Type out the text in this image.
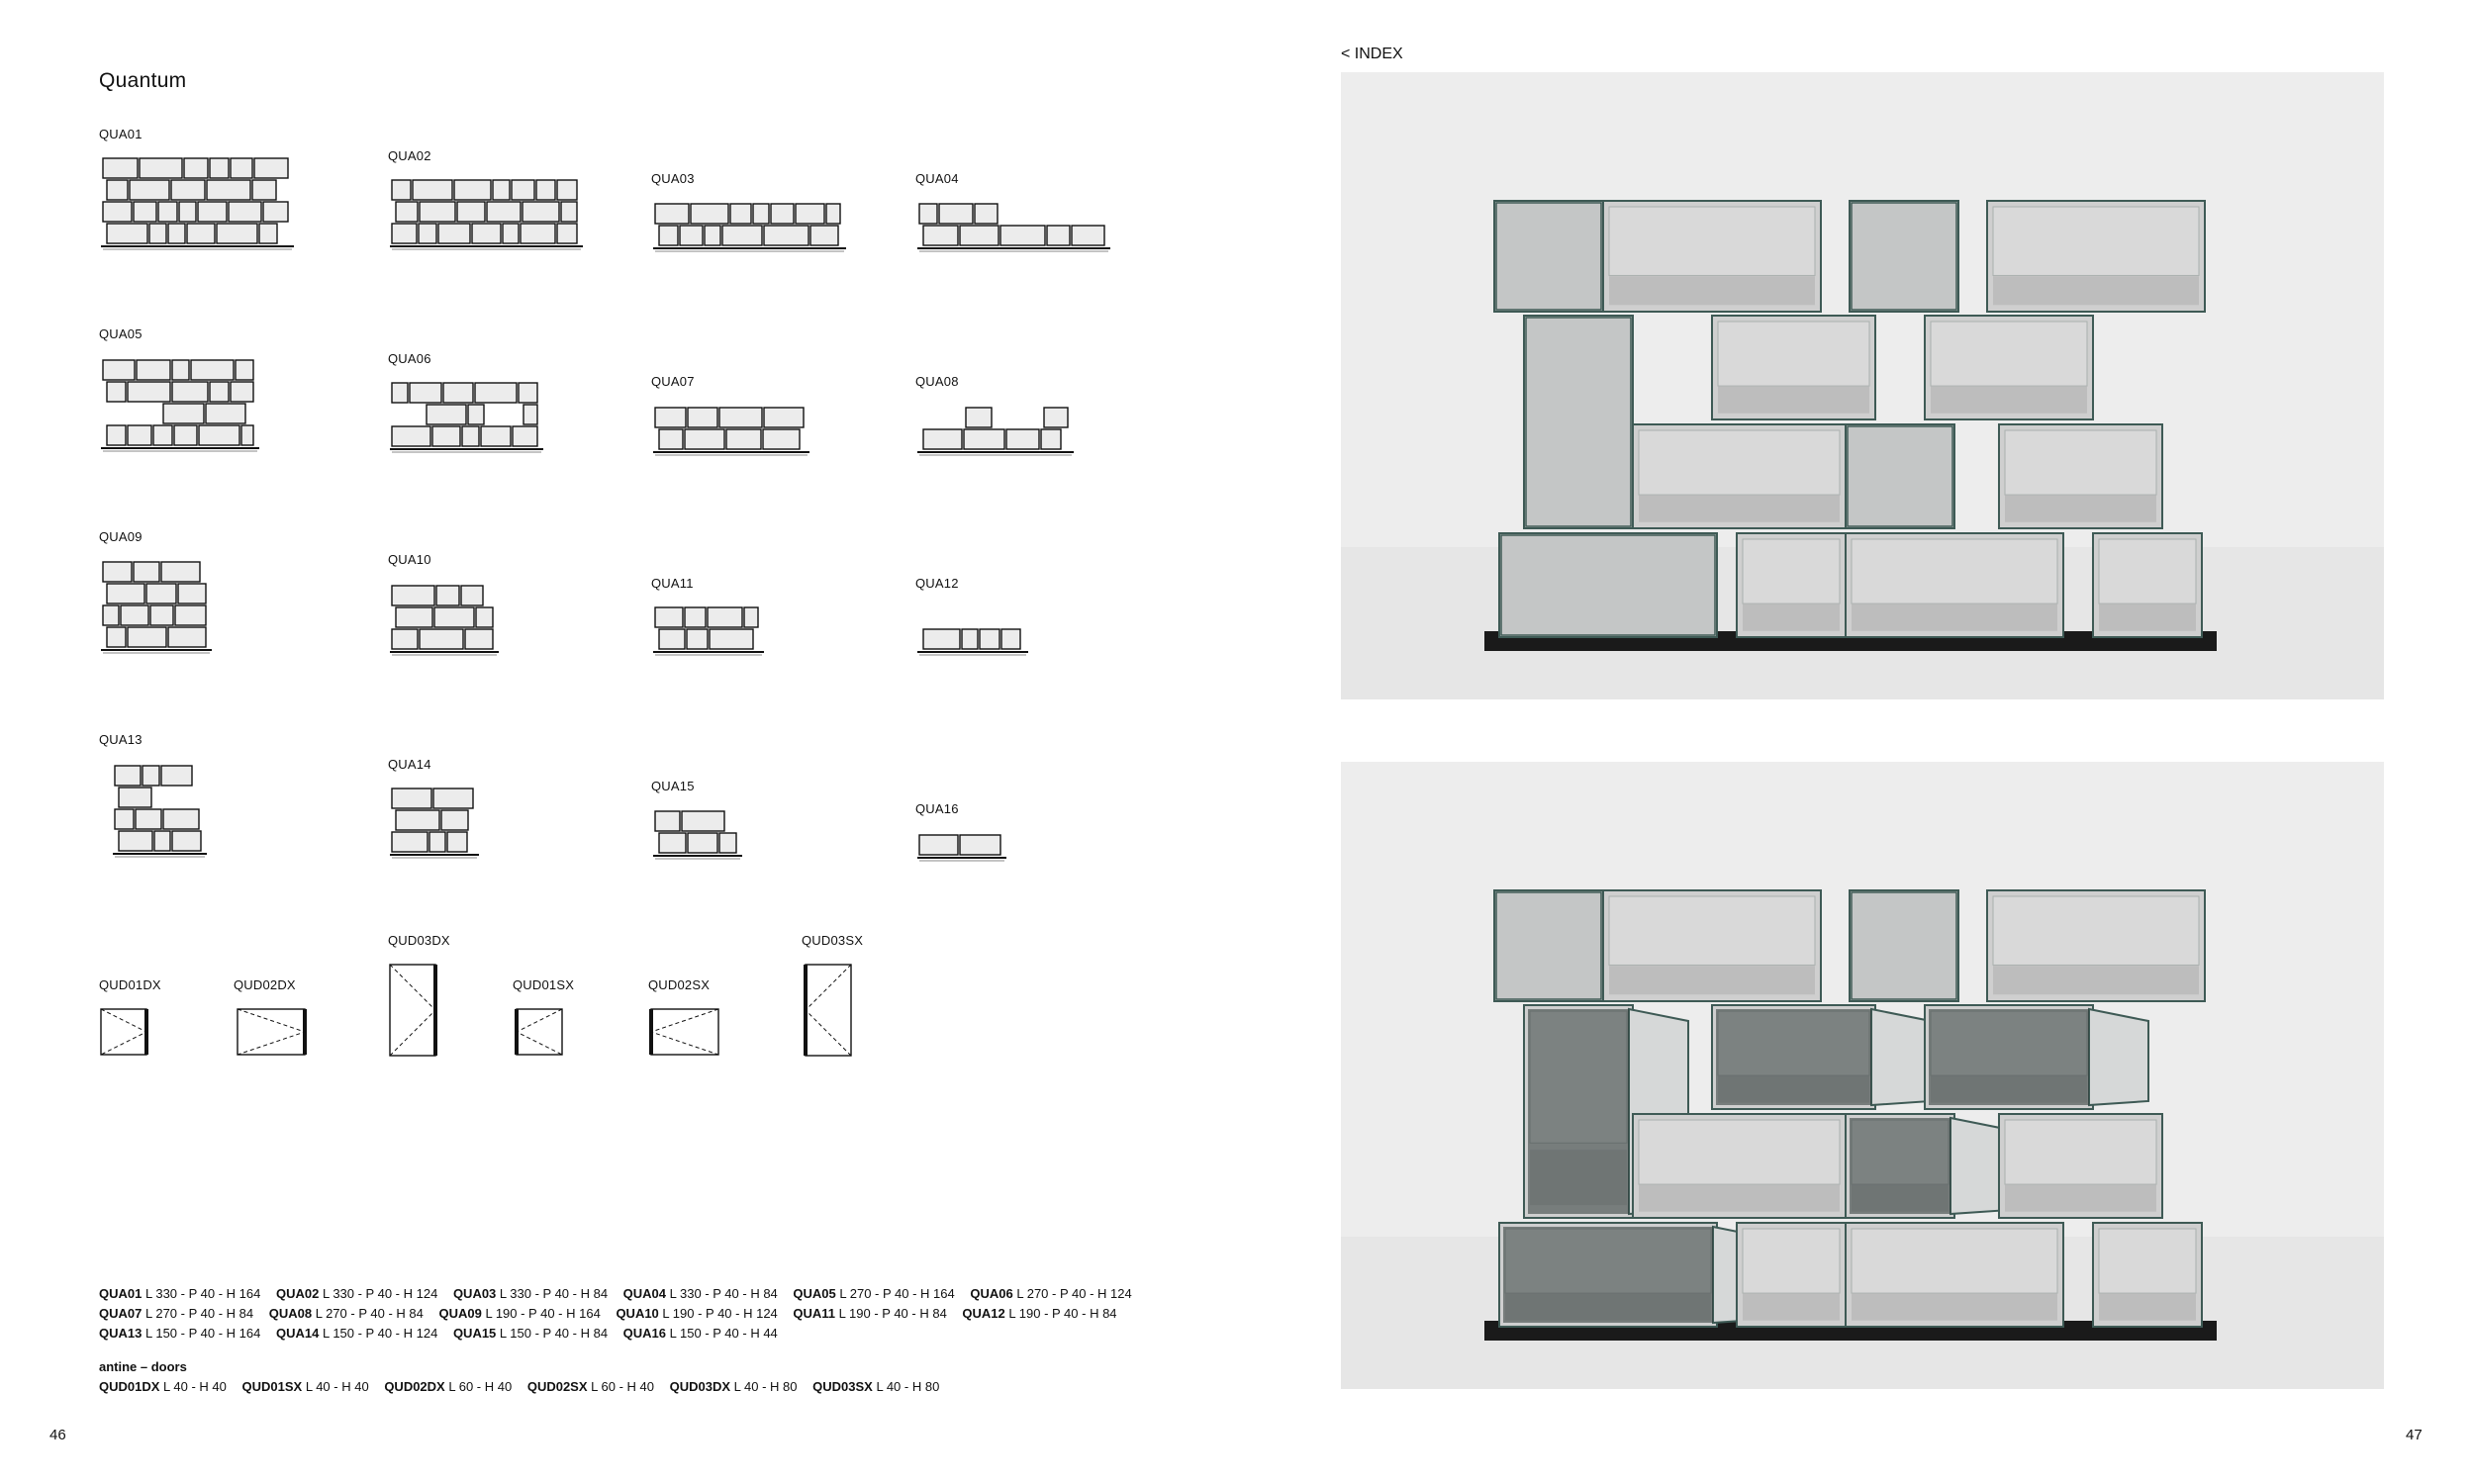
Quantum
< INDEX
46	47
QUA01
QUA02
QUA03	QUA04
QUA05
QUA06
QUA07	QUA08
QUA09
QUA10
QUA11	QUA12
QUA13
QUA14
QUA15
QUA16
QUD01DX	QUD02DX
QUD03DX
QUD01SX	QUD02SX
QUD03SX
QUA01 L 330 - P 40 - H 164 QUA02 L 330 - P 40 - H 124 QUA03 L 330 - P 40 - H 84 QUA04 L 330 - P 40 - H 84 QUA05 L 270 - P 40 - H 164 QUA06 L 270 - P 40 - H 124
QUA07 L 270 - P 40 - H 84 QUA08 L 270 - P 40 - H 84 QUA09 L 190 - P 40 - H 164 QUA10 L 190 - P 40 - H 124 QUA11 L 190 - P 40 - H 84 QUA12 L 190 - P 40 - H 84
QUA13 L 150 - P 40 - H 164 QUA14 L 150 - P 40 - H 124 QUA15 L 150 - P 40 - H 84 QUA16 L 150 - P 40 - H 44
antine – doors
QUD01DX L 40 - H 40 QUD01SX L 40 - H 40 QUD02DX L 60 - H 40 QUD02SX L 60 - H 40 QUD03DX L 40 - H 80 QUD03SX L 40 - H 80
